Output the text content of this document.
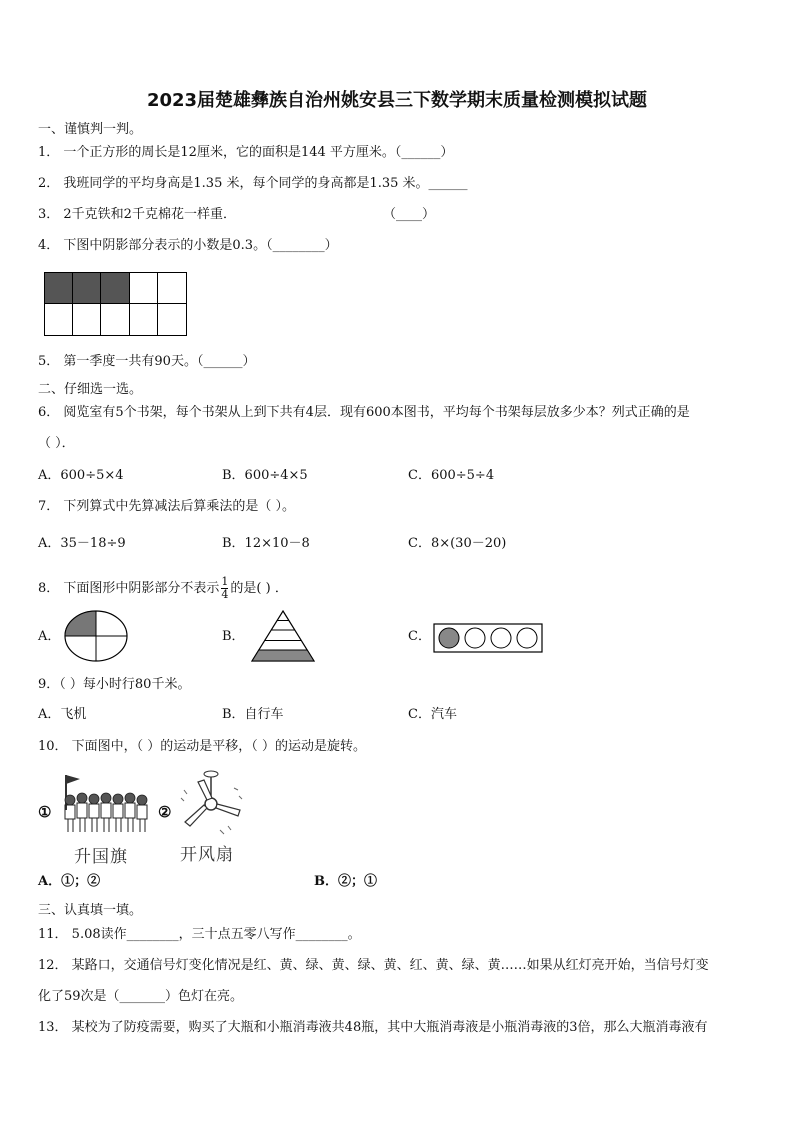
2023届楚雄彝族自治州姚安县三下数学期末质量检测模拟试题
一、谨慎判一判。
1． 一个正方形的周长是12厘米，它的面积是144 平方厘米。（______）
2． 我班同学的平均身高是1.35 米，每个同学的身高都是1.35 米。______
3． 2千克铁和2千克棉花一样重．	（____）
4． 下图中阴影部分表示的小数是0.3。（________）
5． 第一季度一共有90天。（______）
二、仔细选一选。
6． 阅览室有5个书架，每个书架从上到下共有4层．现有600本图书，平均每个书架每层放多少本？列式正确的是
（ ）．
A．600÷5×4	B．600÷4×5	C．600÷5÷4
7． 下列算式中先算减法后算乘法的是（ ）。
A．35－18÷9	B．12×10－8	C．8×(30－20)
8． 下面图形中阴影部分不表示 $\frac{1}{4}$ 的是( ) ．
A．	B．	C．
9．（ ）每小时行80千米。
A．飞机	B．自行车	C．汽车
10． 下面图中，（ ）的运动是平移，（ ）的运动是旋转。
①
升国旗
②
开风扇
A．①；②	B．②；①
三、认真填一填。
11． 5.08读作________，三十点五零八写作________。
12． 某路口，交通信号灯变化情况是红、黄、绿、黄、绿、黄、红、黄、绿、黄……如果从红灯亮开始，当信号灯变
化了59次是（_______）色灯在亮。
13． 某校为了防疫需要，购买了大瓶和小瓶消毒液共48瓶，其中大瓶消毒液是小瓶消毒液的3倍，那么大瓶消毒液有
